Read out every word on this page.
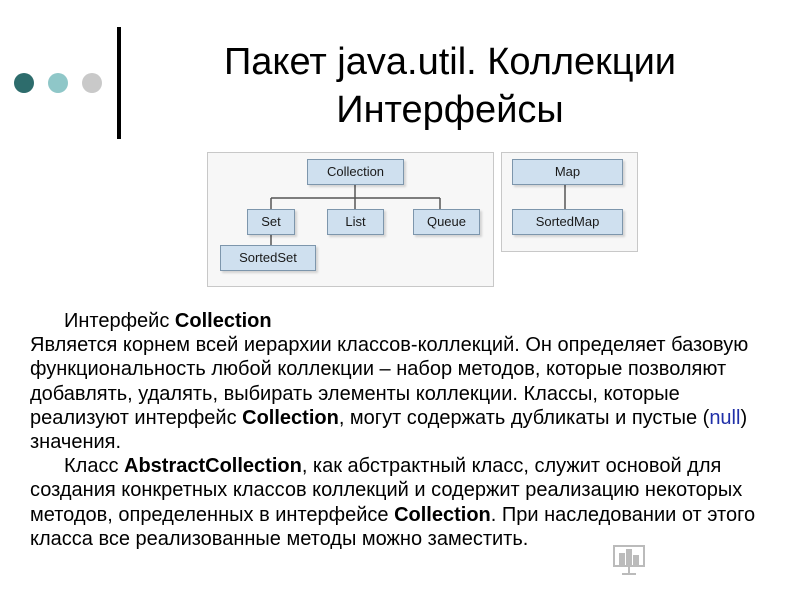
Пакет java.util. Коллекции
Интерфейсы
Collection
Set	List	Queue
SortedSet
Map
SortedMap

Интерфейс Collection

Является корнем всей иерархии классов-коллекций. Он определяет базовую функциональность любой коллекции – набор методов, которые позволяют добавлять, удалять, выбирать элементы коллекции. Классы, которые реализуют интерфейс Collection, могут содержать дубликаты и пустые (null) значения.

Класс AbstractCollection, как абстрактный класс, служит основой для создания конкретных классов коллекций и содержит реализацию некоторых методов, определенных в интерфейсе Collection. При наследовании от этого класса все реализованные методы можно заместить.
